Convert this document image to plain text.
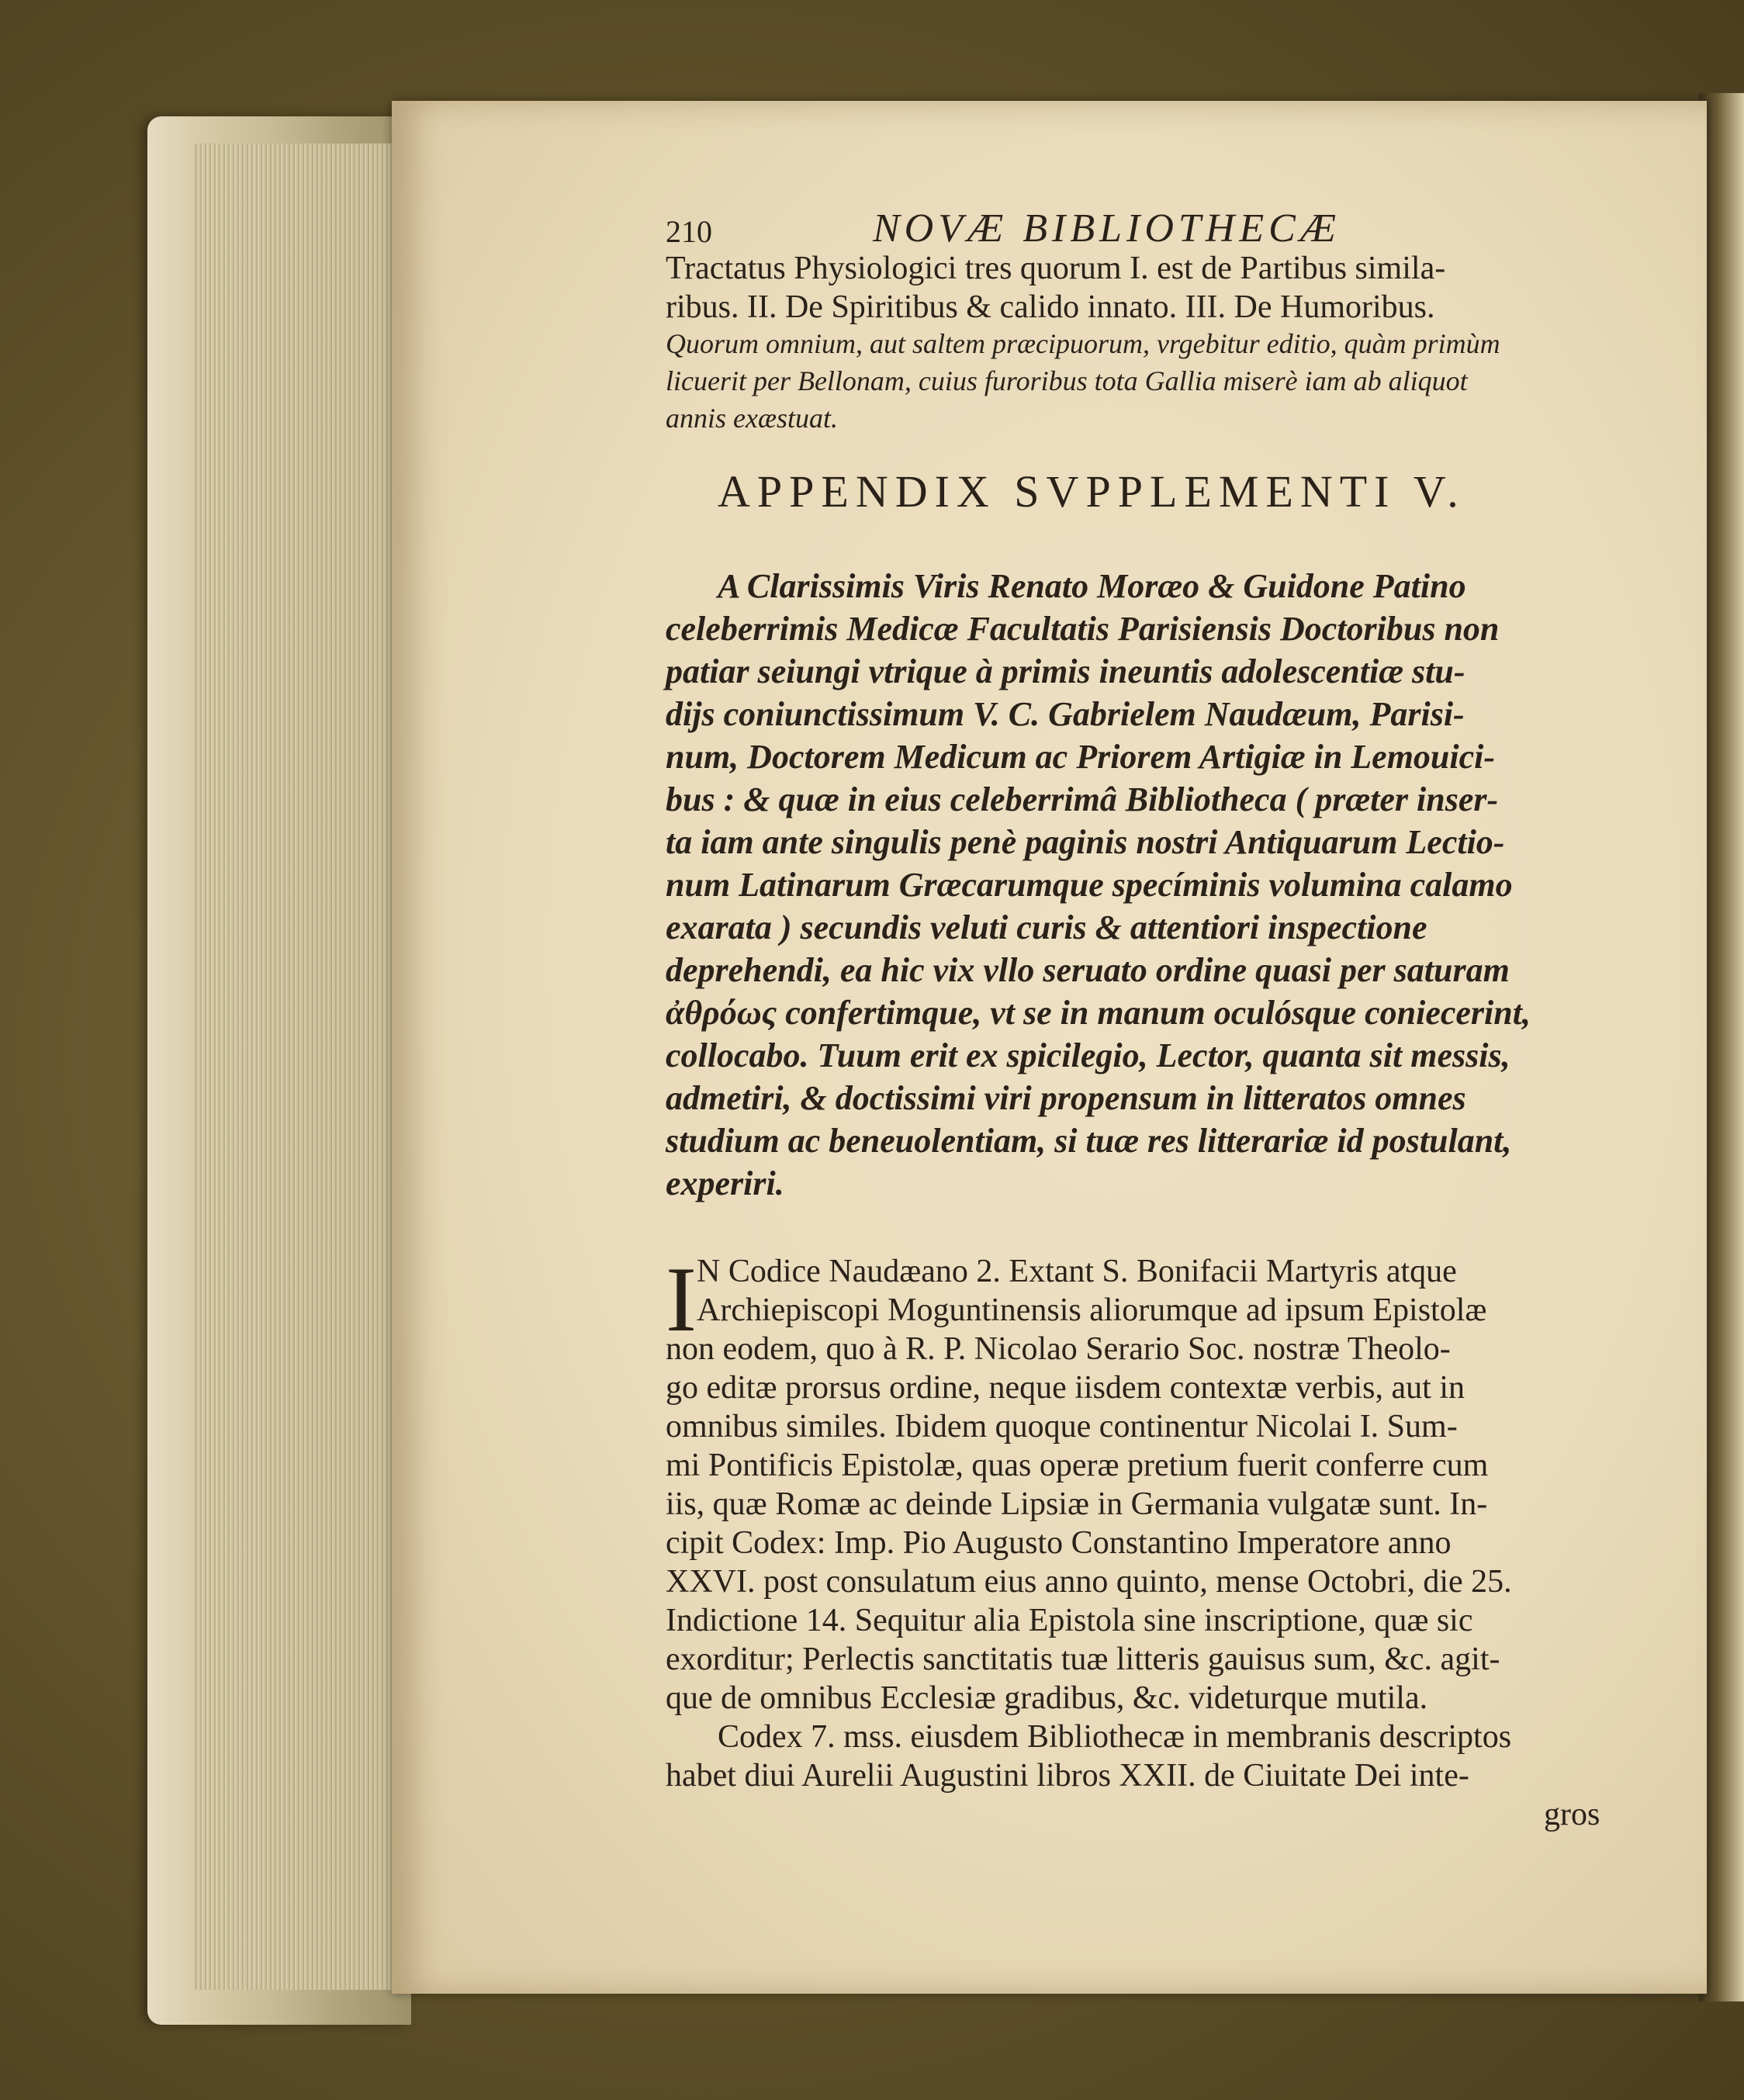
210	NOVÆ BIBLIOTHECÆ
Tractatus Physiologici tres quorum I. est de Partibus simila-
ribus. II. De Spiritibus & calido innato. III. De Humoribus.
Quorum omnium, aut saltem præcipuorum, vrgebitur editio, quàm primùm
licuerit per Bellonam, cuius furoribus tota Gallia miserè iam ab aliquot
annis exæstuat.
APPENDIX SVPPLEMENTI V.
A Clarissimis Viris Renato Moræo & Guidone Patino
celeberrimis Medicæ Facultatis Parisiensis Doctoribus non
patiar seiungi vtrique à primis ineuntis adolescentiæ stu-
dijs coniunctissimum V. C. Gabrielem Naudæum, Parisi-
num, Doctorem Medicum ac Priorem Artigiæ in Lemouici-
bus : & quæ in eius celeberrimâ Bibliotheca ( præter inser-
ta iam ante singulis penè paginis nostri Antiquarum Lectio-
num Latinarum Græcarumque specíminis volumina calamo
exarata ) secundis veluti curis & attentiori inspectione
deprehendi, ea hic vix vllo seruato ordine quasi per saturam
ἀθρόως confertimque, vt se in manum oculósque coniecerint,
collocabo. Tuum erit ex spicilegio, Lector, quanta sit messis,
admetiri, & doctissimi viri propensum in litteratos omnes
studium ac beneuolentiam, si tuæ res litterariæ id postulant,
experiri.
I N Codice Naudæano 2. Extant S. Bonifacii Martyris atque
Archiepiscopi Moguntinensis aliorumque ad ipsum Epistolæ
non eodem, quo à R. P. Nicolao Serario Soc. nostræ Theolo-
go editæ prorsus ordine, neque iisdem contextæ verbis, aut in
omnibus similes. Ibidem quoque continentur Nicolai I. Sum-
mi Pontificis Epistolæ, quas operæ pretium fuerit conferre cum
iis, quæ Romæ ac deinde Lipsiæ in Germania vulgatæ sunt. In-
cipit Codex: Imp. Pio Augusto Constantino Imperatore anno
XXVI. post consulatum eius anno quinto, mense Octobri, die 25.
Indictione 14. Sequitur alia Epistola sine inscriptione, quæ sic
exorditur; Perlectis sanctitatis tuæ litteris gauisus sum, &c. agit-
que de omnibus Ecclesiæ gradibus, &c. videturque mutila.
Codex 7. mss. eiusdem Bibliothecæ in membranis descriptos
habet diui Aurelii Augustini libros XXII. de Ciuitate Dei inte-
gros
